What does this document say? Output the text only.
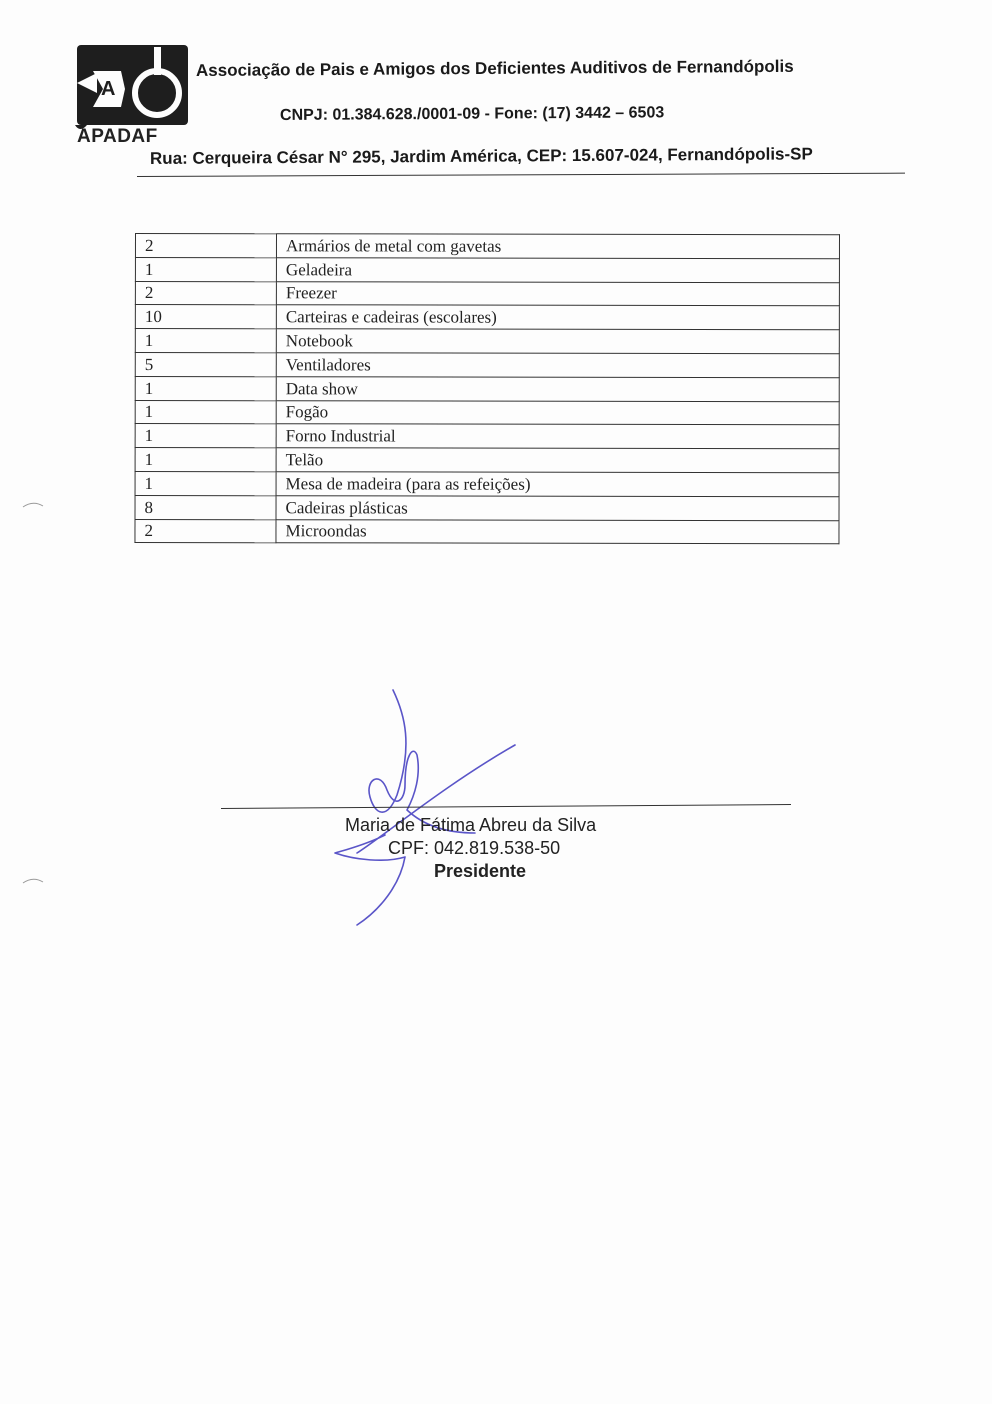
A
APADAF
Associação de Pais e Amigos dos Deficientes Auditivos de Fernandópolis
CNPJ: 01.384.628./0001-09 - Fone: (17) 3442 – 6503
Rua: Cerqueira César N° 295, Jardim América, CEP: 15.607-024, Fernandópolis-SP
2	Armários de metal com gavetas
1	Geladeira
2	Freezer
10	Carteiras e cadeiras (escolares)
1	Notebook
5	Ventiladores
1	Data show
1	Fogão
1	Forno Industrial
1	Telão
1	Mesa de madeira (para as refeições)
8	Cadeiras plásticas
2	Microondas
Maria de Fátima Abreu da Silva
CPF: 042.819.538-50
Presidente
